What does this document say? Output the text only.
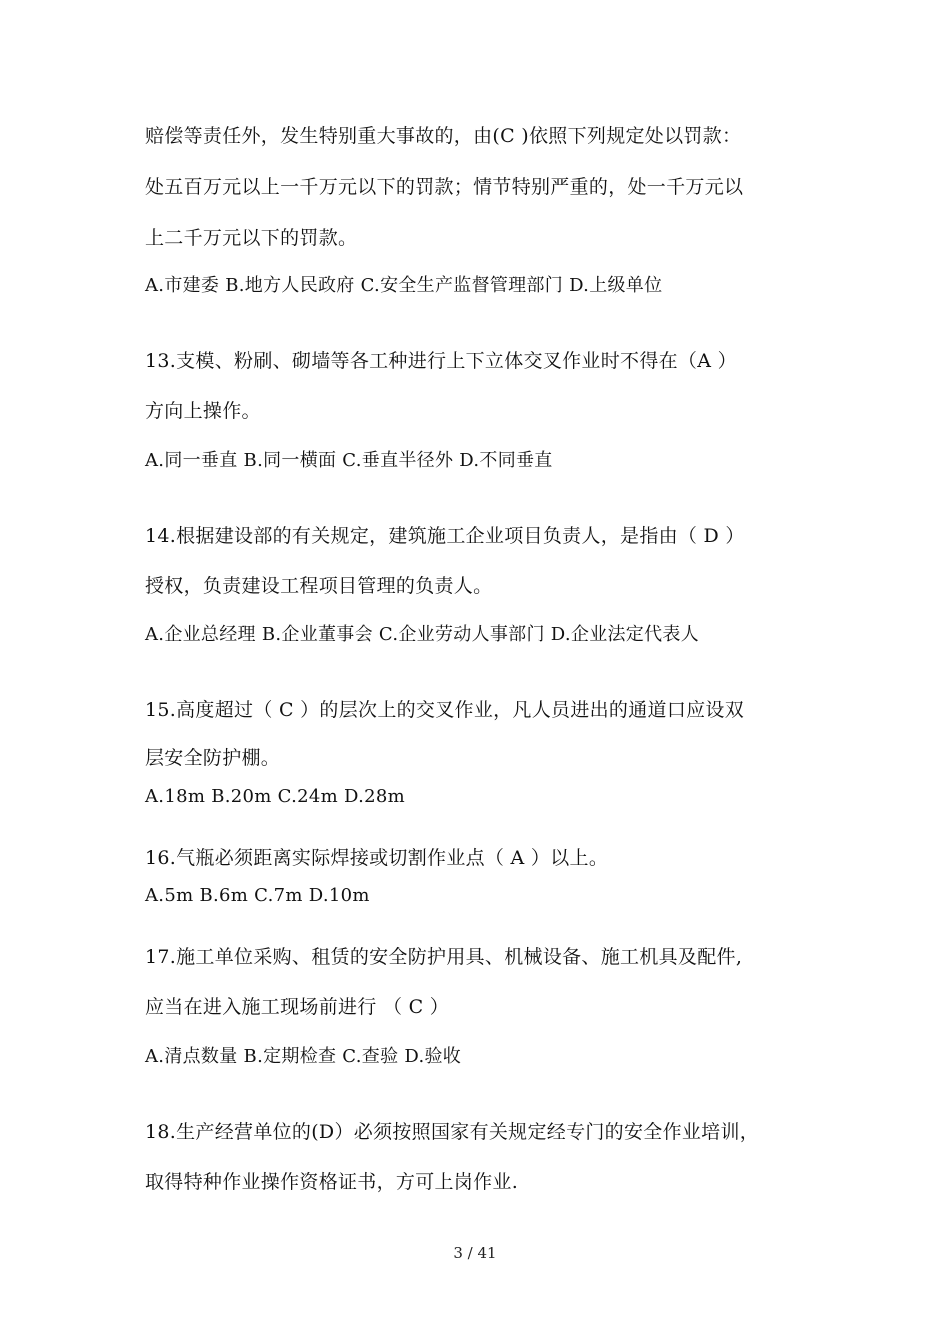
赔偿等责任外，发生特别重大事故的，由(C )依照下列规定处以罚款：
处五百万元以上一千万元以下的罚款；情节特别严重的，处一千万元以
上二千万元以下的罚款。
A.市建委 B.地方人民政府 C.安全生产监督管理部门 D.上级单位
13.支模、粉刷、砌墙等各工种进行上下立体交叉作业时不得在（A ）
方向上操作。
A.同一垂直 B.同一横面 C.垂直半径外 D.不同垂直
14.根据建设部的有关规定，建筑施工企业项目负责人，是指由（ D ）
授权，负责建设工程项目管理的负责人。
A.企业总经理 B.企业董事会 C.企业劳动人事部门 D.企业法定代表人
15.高度超过（ C ）的层次上的交叉作业，凡人员进出的通道口应设双
层安全防护棚。
A.18m B.20m C.24m D.28m
16.气瓶必须距离实际焊接或切割作业点（ A ）以上。
A.5m B.6m C.7m D.10m
17.施工单位采购、租赁的安全防护用具、机械设备、施工机具及配件,
应当在进入施工现场前进行 （ C ）
A.清点数量 B.定期检查 C.查验 D.验收
18.生产经营单位的(D）必须按照国家有关规定经专门的安全作业培训，
取得特种作业操作资格证书，方可上岗作业.
3 / 41
